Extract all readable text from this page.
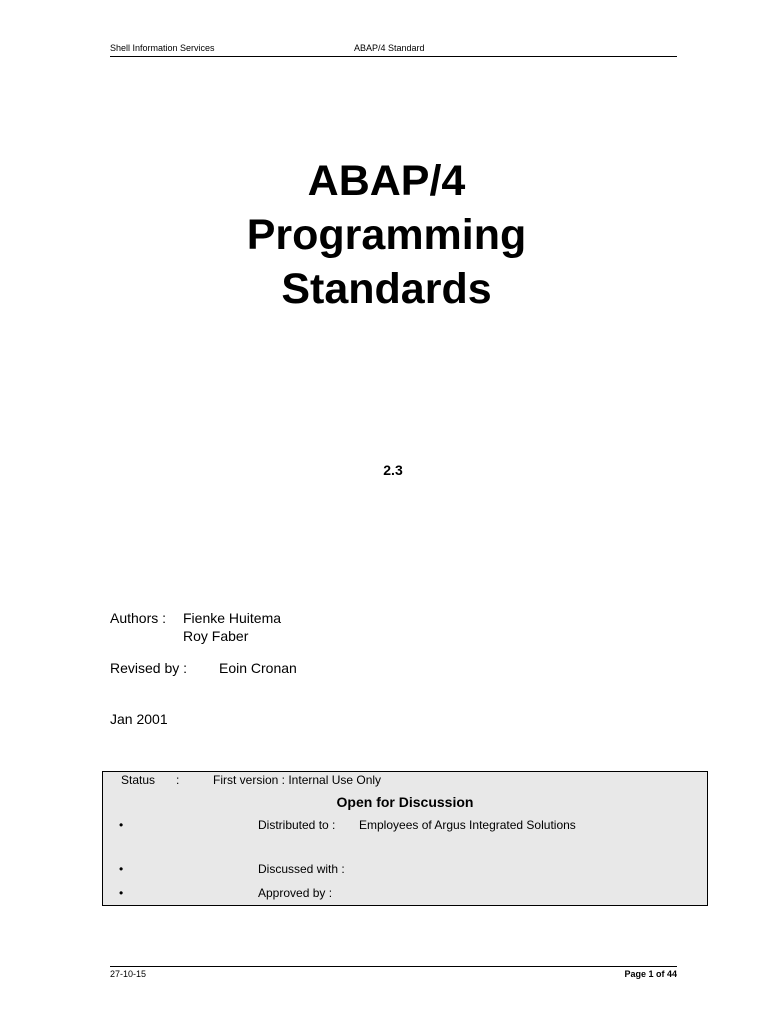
Shell Information Services	ABAP/4 Standard
ABAP/4
Programming
Standards
2.3
Authors : Fienke Huitema
Roy Faber
Revised by : Eoin Cronan
Jan 2001
Status :	First version : Internal Use Only
Open for Discussion
•	Distributed to : Employees of Argus Integrated Solutions
•	Discussed with :
•	Approved by :
27-10-15	Page 1 of 44
